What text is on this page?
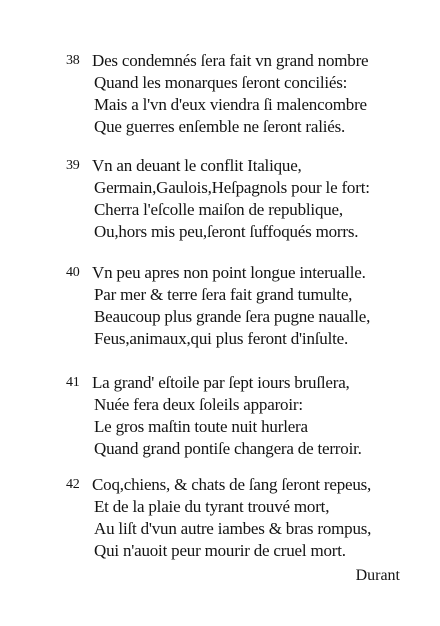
38 Des condemnés ſera fait vn grand nombre
Quand les monarques ſeront conciliés:
Mais a l'vn d'eux viendra ſi malencombre
Que guerres enſemble ne ſeront raliés.
39 Vn an deuant le conflit Italique,
Germain,Gaulois,Heſpagnols pour le fort:
Cherra l'eſcolle maiſon de republique,
Ou,hors mis peu,ſeront ſuffoqués morrs.
40 Vn peu apres non point longue interualle.
Par mer & terre ſera fait grand tumulte,
Beaucoup plus grande ſera pugne naualle,
Feus,animaux,qui plus feront d'inſulte.
41 La grand' eſtoile par ſept iours bruſlera,
Nuée fera deux ſoleils apparoir:
Le gros maſtin toute nuit hurlera
Quand grand pontiſe changera de terroir.
42 Coq,chiens, & chats de ſang ſeront repeus,
Et de la plaie du tyrant trouvé mort,
Au liſt d'vun autre iambes & bras rompus,
Qui n'auoit peur mourir de cruel mort.
Durant
